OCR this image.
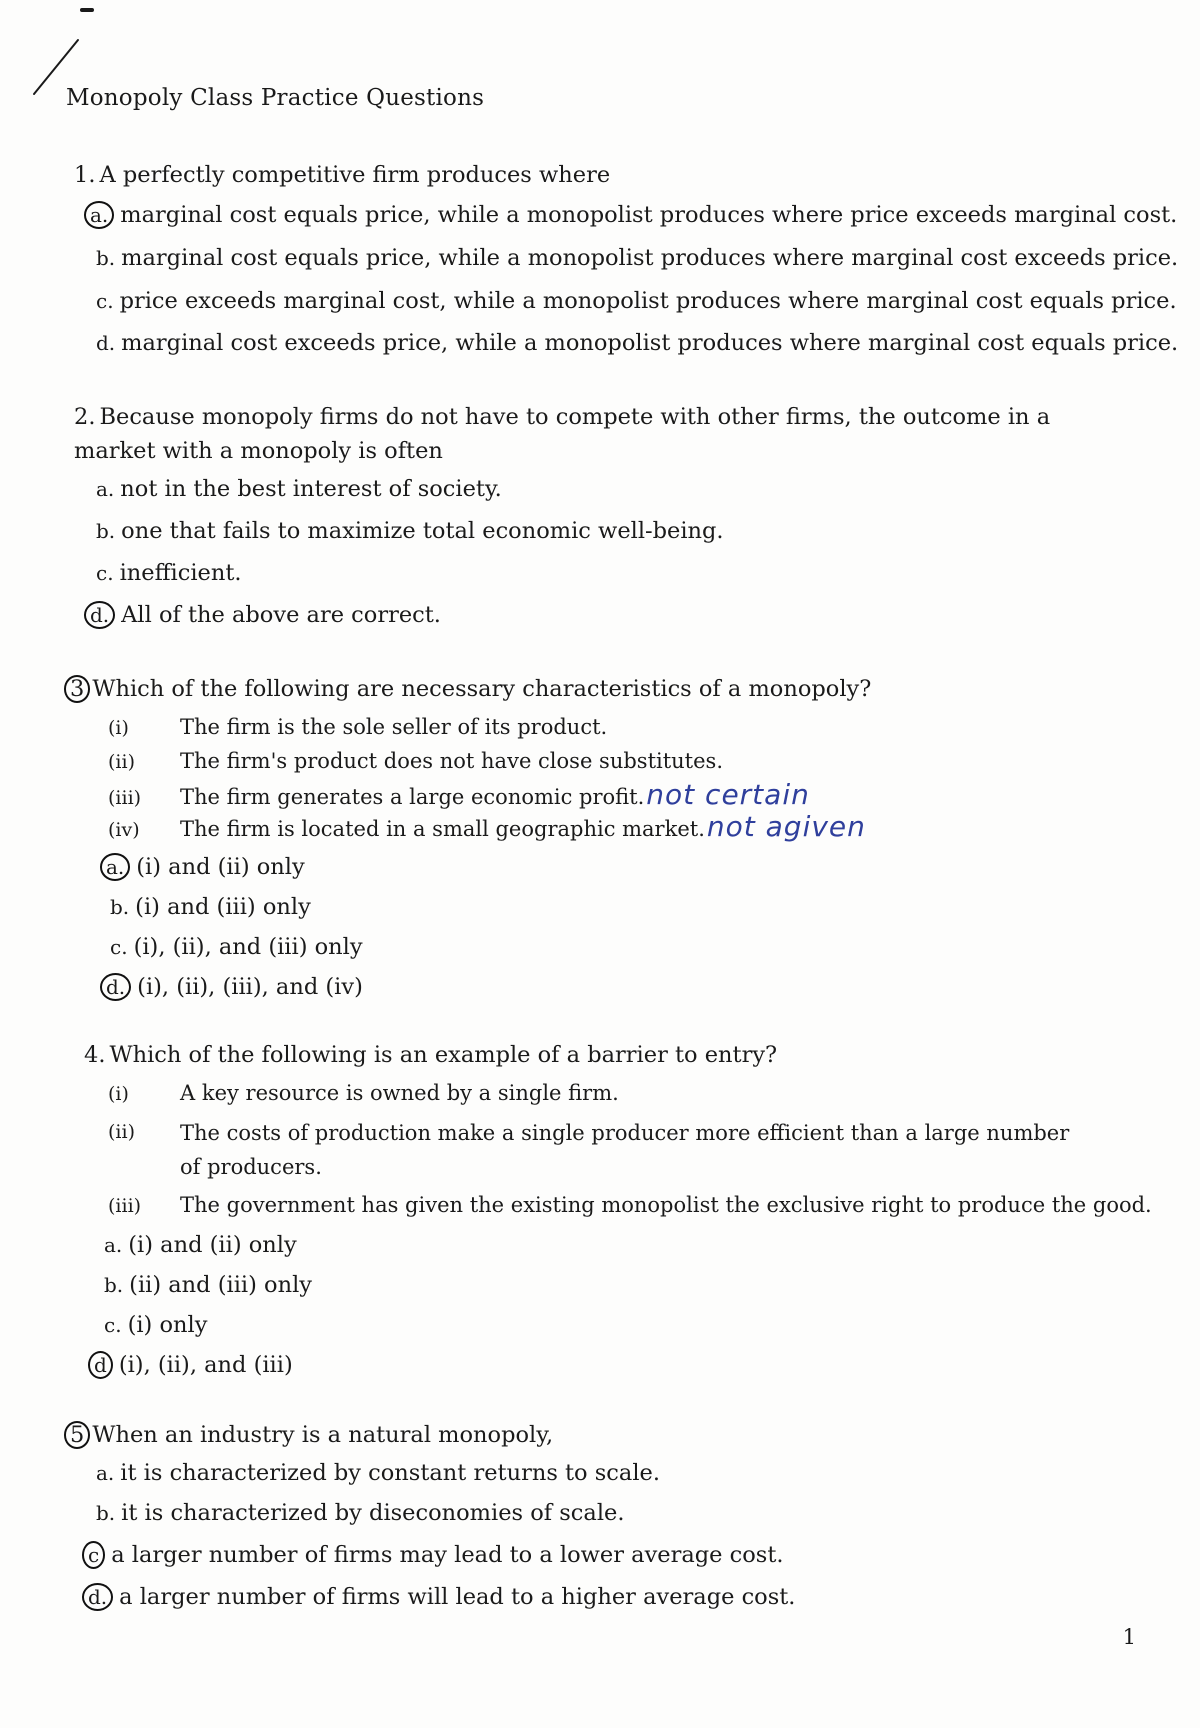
Monopoly Class Practice Questions
1. A perfectly competitive firm produces where
a. marginal cost equals price, while a monopolist produces where price exceeds marginal cost.
b. marginal cost equals price, while a monopolist produces where marginal cost exceeds price.
c. price exceeds marginal cost, while a monopolist produces where marginal cost equals price.
d. marginal cost exceeds price, while a monopolist produces where marginal cost equals price.
2. Because monopoly firms do not have to compete with other firms, the outcome in a market with a monopoly is often
a. not in the best interest of society.
b. one that fails to maximize total economic well-being.
c. inefficient.
d. All of the above are correct.
3 Which of the following are necessary characteristics of a monopoly?
(i) The firm is the sole seller of its product.
(ii) The firm's product does not have close substitutes.
(iii) The firm generates a large economic profit.not certain
(iv) The firm is located in a small geographic market.not agiven
a. (i) and (ii) only
b. (i) and (iii) only
c. (i), (ii), and (iii) only
d. (i), (ii), (iii), and (iv)
4. Which of the following is an example of a barrier to entry?
(i) A key resource is owned by a single firm.
(ii) The costs of production make a single producer more efficient than a large number of producers.
(iii) The government has given the existing monopolist the exclusive right to produce the good.
a. (i) and (ii) only
b. (ii) and (iii) only
c. (i) only
d (i), (ii), and (iii)
5 When an industry is a natural monopoly,
a. it is characterized by constant returns to scale.
b. it is characterized by diseconomies of scale.
c a larger number of firms may lead to a lower average cost.
d. a larger number of firms will lead to a higher average cost.
1
